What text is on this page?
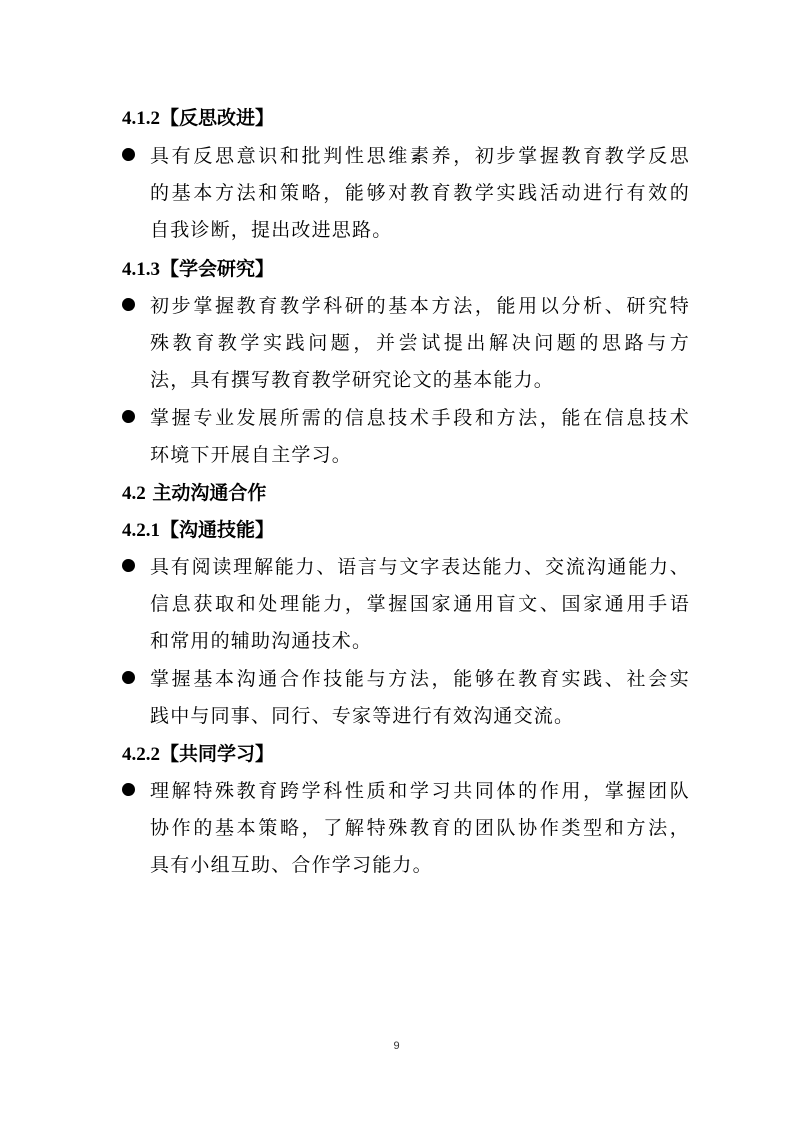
4.1.2【反思改进】
具有反思意识和批判性思维素养，初步掌握教育教学反思
的基本方法和策略，能够对教育教学实践活动进行有效的
自我诊断，提出改进思路。
4.1.3【学会研究】
初步掌握教育教学科研的基本方法，能用以分析、研究特
殊教育教学实践问题，并尝试提出解决问题的思路与方
法，具有撰写教育教学研究论文的基本能力。
掌握专业发展所需的信息技术手段和方法，能在信息技术
环境下开展自主学习。
4.2 主动沟通合作
4.2.1【沟通技能】
具有阅读理解能力、语言与文字表达能力、交流沟通能力、
信息获取和处理能力，掌握国家通用盲文、国家通用手语
和常用的辅助沟通技术。
掌握基本沟通合作技能与方法，能够在教育实践、社会实
践中与同事、同行、专家等进行有效沟通交流。
4.2.2【共同学习】
理解特殊教育跨学科性质和学习共同体的作用，掌握团队
协作的基本策略，了解特殊教育的团队协作类型和方法，
具有小组互助、合作学习能力。
9
